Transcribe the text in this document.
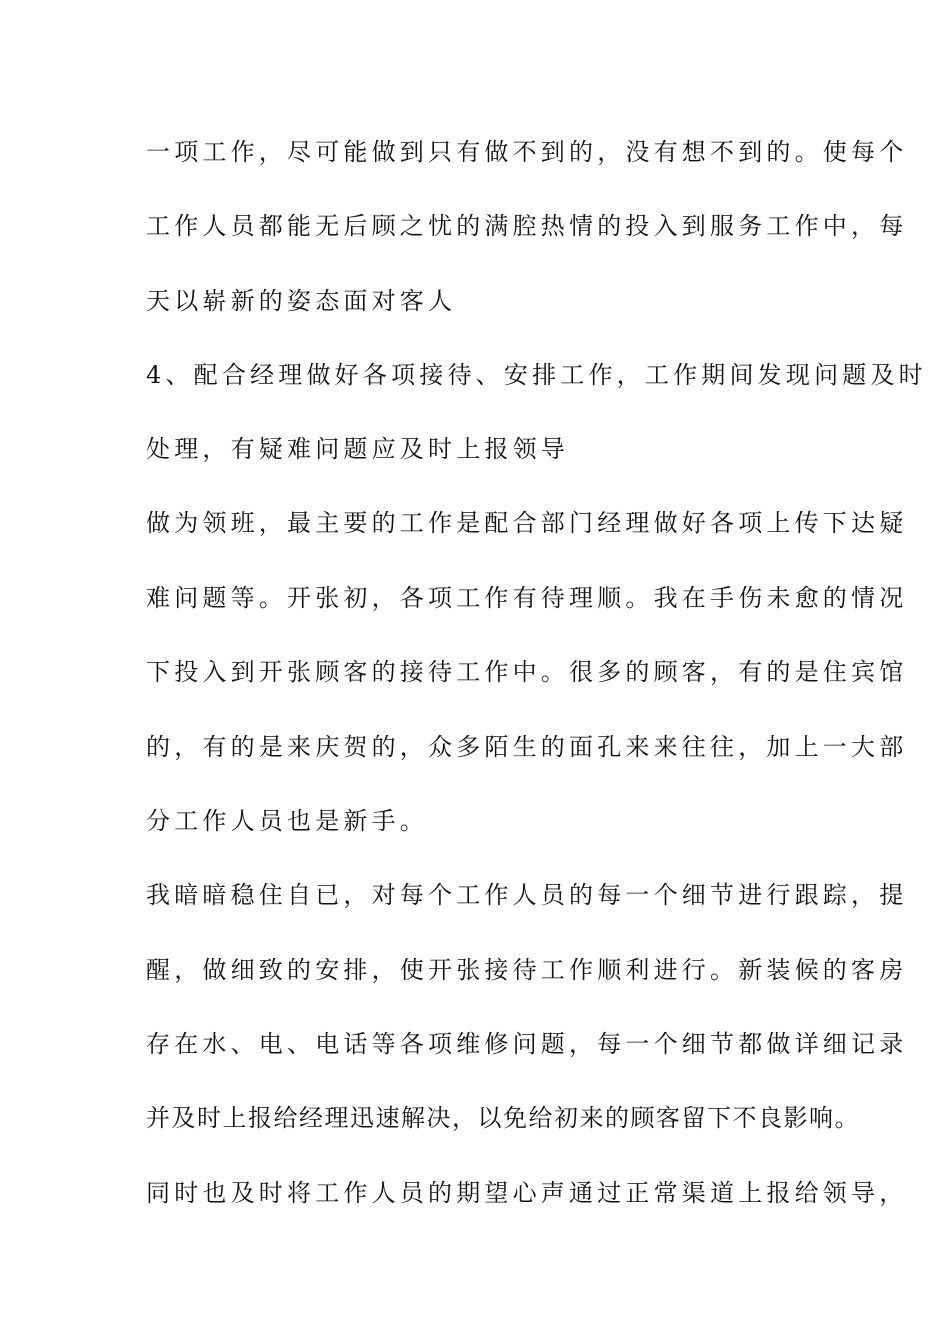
一项工作，尽可能做到只有做不到的，没有想不到的。使每个
工作人员都能无后顾之忧的满腔热情的投入到服务工作中，每
天以崭新的姿态面对客人
4、配合经理做好各项接待、安排工作，工作期间发现问题及时
处理，有疑难问题应及时上报领导
做为领班，最主要的工作是配合部门经理做好各项上传下达疑
难问题等。开张初，各项工作有待理顺。我在手伤未愈的情况
下投入到开张顾客的接待工作中。很多的顾客，有的是住宾馆
的，有的是来庆贺的，众多陌生的面孔来来往往，加上一大部
分工作人员也是新手。
我暗暗稳住自已，对每个工作人员的每一个细节进行跟踪，提
醒，做细致的安排，使开张接待工作顺利进行。新装候的客房
存在水、电、电话等各项维修问题，每一个细节都做详细记录
并及时上报给经理迅速解决，以免给初来的顾客留下不良影响。
同时也及时将工作人员的期望心声通过正常渠道上报给领导，
